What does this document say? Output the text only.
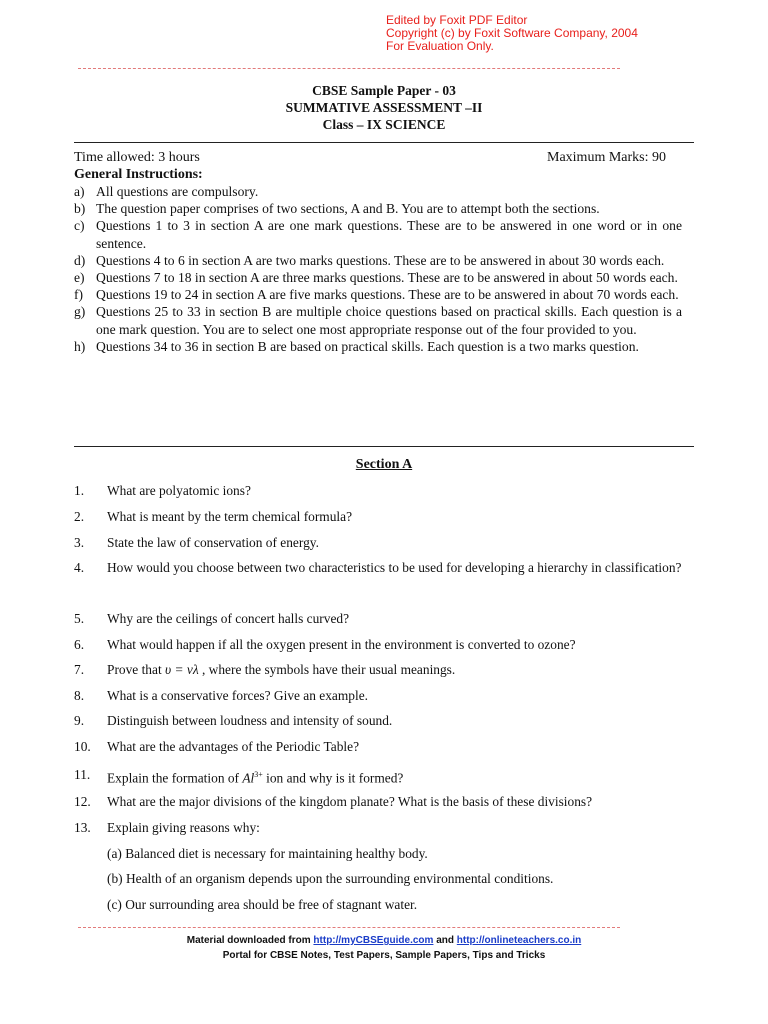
Edited by Foxit PDF Editor
Copyright (c) by Foxit Software Company, 2004
For Evaluation Only.
CBSE Sample Paper - 03
SUMMATIVE ASSESSMENT –II
Class – IX SCIENCE
Time allowed: 3 hours	Maximum Marks: 90
General Instructions:
a) All questions are compulsory.
b) The question paper comprises of two sections, A and B. You are to attempt both the sections.
c) Questions 1 to 3 in section A are one mark questions. These are to be answered in one word or in one sentence.
d) Questions 4 to 6 in section A are two marks questions. These are to be answered in about 30 words each.
e) Questions 7 to 18 in section A are three marks questions. These are to be answered in about 50 words each.
f) Questions 19 to 24 in section A are five marks questions. These are to be answered in about 70 words each.
g) Questions 25 to 33 in section B are multiple choice questions based on practical skills. Each question is a one mark question. You are to select one most appropriate response out of the four provided to you.
h) Questions 34 to 36 in section B are based on practical skills. Each question is a two marks question.
Section A
1. What are polyatomic ions?
2. What is meant by the term chemical formula?
3. State the law of conservation of energy.
4. How would you choose between two characteristics to be used for developing a hierarchy in classification?
5. Why are the ceilings of concert halls curved?
6. What would happen if all the oxygen present in the environment is converted to ozone?
7. Prove that υ = νλ , where the symbols have their usual meanings.
8. What is a conservative forces? Give an example.
9. Distinguish between loudness and intensity of sound.
10. What are the advantages of the Periodic Table?
11. Explain the formation of $Al^{3+}$ ion and why is it formed?
12. What are the major divisions of the kingdom planate? What is the basis of these divisions?
13. Explain giving reasons why:
(a) Balanced diet is necessary for maintaining healthy body.
(b) Health of an organism depends upon the surrounding environmental conditions.
(c) Our surrounding area should be free of stagnant water.
Material downloaded from http://myCBSEguide.com and http://onlineteachers.co.in
Portal for CBSE Notes, Test Papers, Sample Papers, Tips and Tricks
